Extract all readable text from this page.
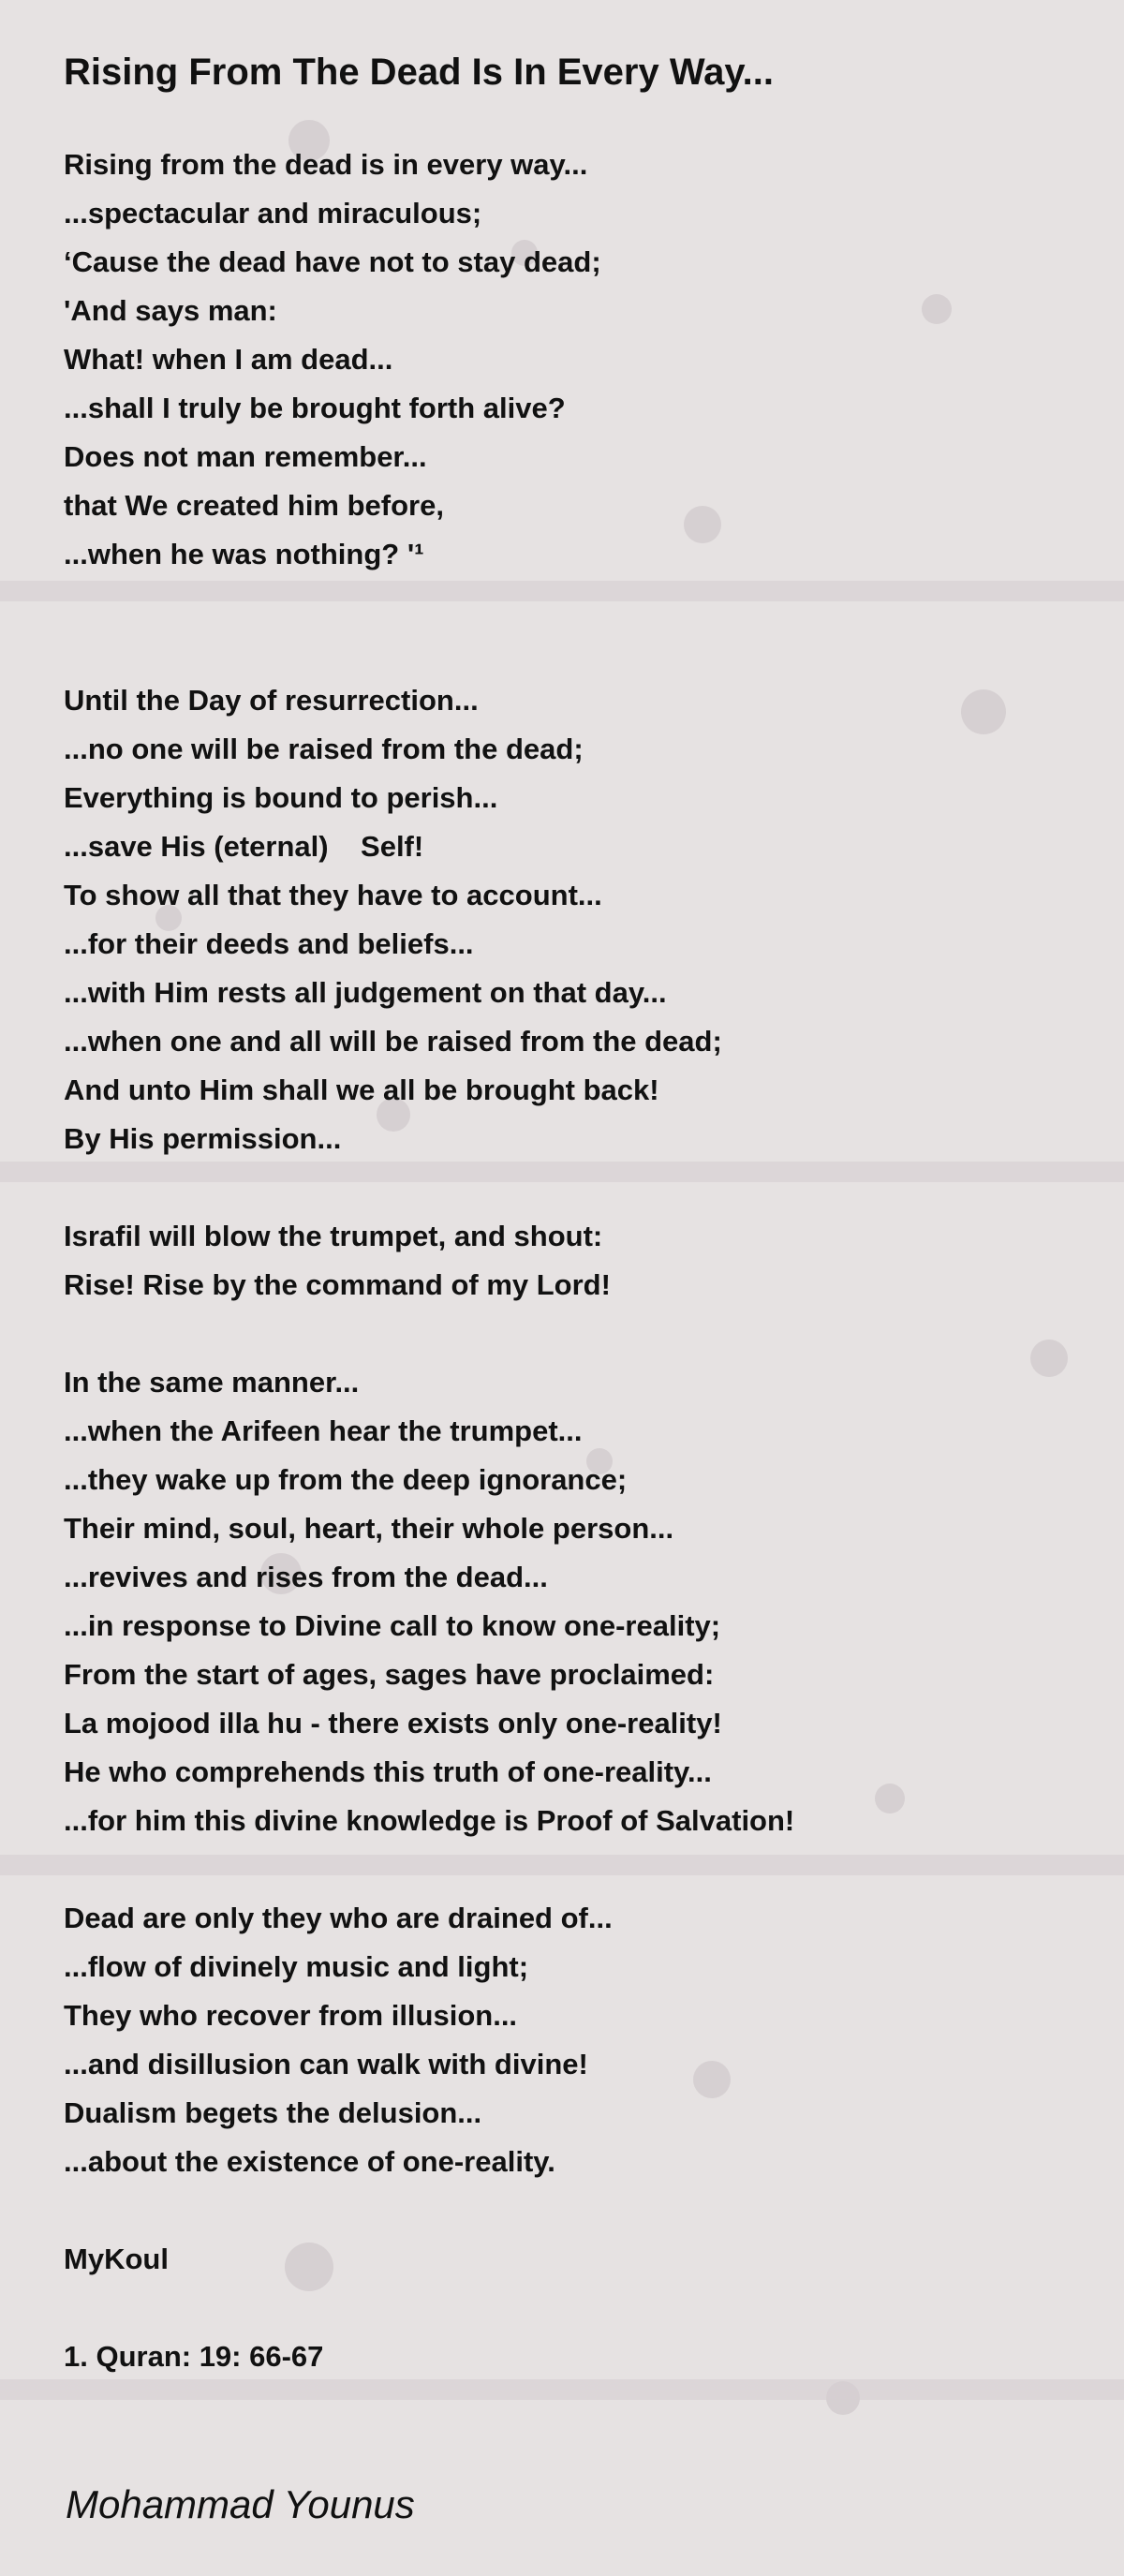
Rising From The Dead Is In Every Way...
Rising from the dead is in every way...
...spectacular and miraculous;
‘Cause the dead have not to stay dead;
'And says man:
What! when I am dead...
...shall I truly be brought forth alive?
Does not man remember...
that We created him before,
...when he was nothing? '¹
Until the Day of resurrection...
...no one will be raised from the dead;
Everything is bound to perish...
...save His (eternal)    Self!
To show all that they have to account...
...for their deeds and beliefs...
...with Him rests all judgement on that day...
...when one and all will be raised from the dead;
And unto Him shall we all be brought back!
By His permission...
Israfil will blow the trumpet, and shout:
Rise! Rise by the command of my Lord!
In the same manner...
...when the Arifeen hear the trumpet...
...they wake up from the deep ignorance;
Their mind, soul, heart, their whole person...
...revives and rises from the dead...
...in response to Divine call to know one-reality;
From the start of ages, sages have proclaimed:
La mojood illa hu - there exists only one-reality!
He who comprehends this truth of one-reality...
...for him this divine knowledge is Proof of Salvation!
Dead are only they who are drained of...
...flow of divinely music and light;
They who recover from illusion...
...and disillusion can walk with divine!
Dualism begets the delusion...
...about the existence of one-reality.
MyKoul
1. Quran: 19: 66-67
Mohammad Younus
